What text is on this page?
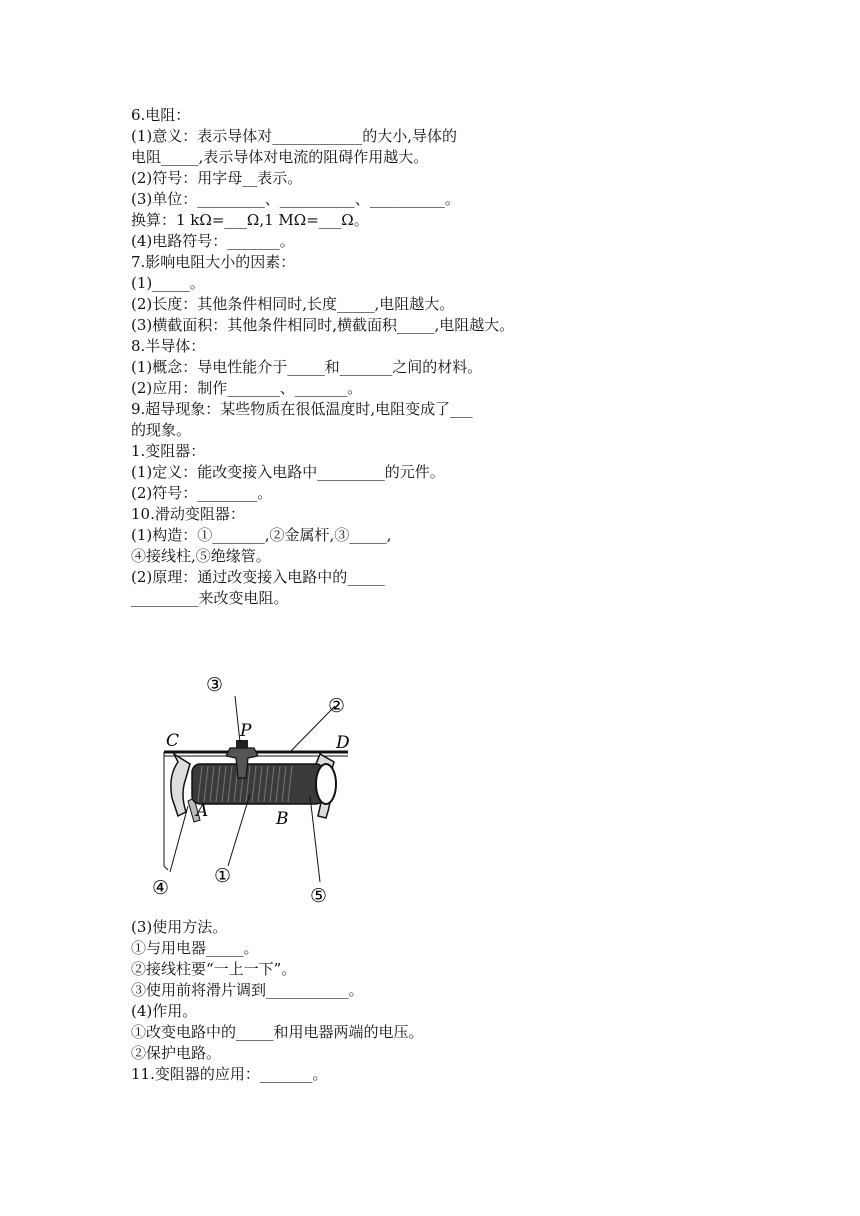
6.电阻：
(1)意义：表示导体对____________的大小,导体的
电阻_____,表示导体对电流的阻碍作用越大。
(2)符号：用字母__表示。
(3)单位：_________、__________、__________。
换算：1 kΩ=___Ω,1 MΩ=___Ω。
(4)电路符号：_______。
7.影响电阻大小的因素：
(1)_____。
(2)长度：其他条件相同时,长度_____,电阻越大。
(3)横截面积：其他条件相同时,横截面积_____,电阻越大。
8.半导体：
(1)概念：导电性能介于_____和_______之间的材料。
(2)应用：制作_______、_______。
9.超导现象：某些物质在很低温度时,电阻变成了___
的现象。
1.变阻器：
(1)定义：能改变接入电路中_________的元件。
(2)符号：________。
10.滑动变阻器：
(1)构造：①_______,②金属杆,③_____,
④接线柱,⑤绝缘管。
(2)原理：通过改变接入电路中的_____
_________来改变电阻。
③
②
P
C	D
A	B
①
④	⑤
(3)使用方法。
①与用电器_____。
②接线柱要“一上一下”。
③使用前将滑片调到___________。
(4)作用。
①改变电路中的_____和用电器两端的电压。
②保护电路。
11.变阻器的应用：_______。
